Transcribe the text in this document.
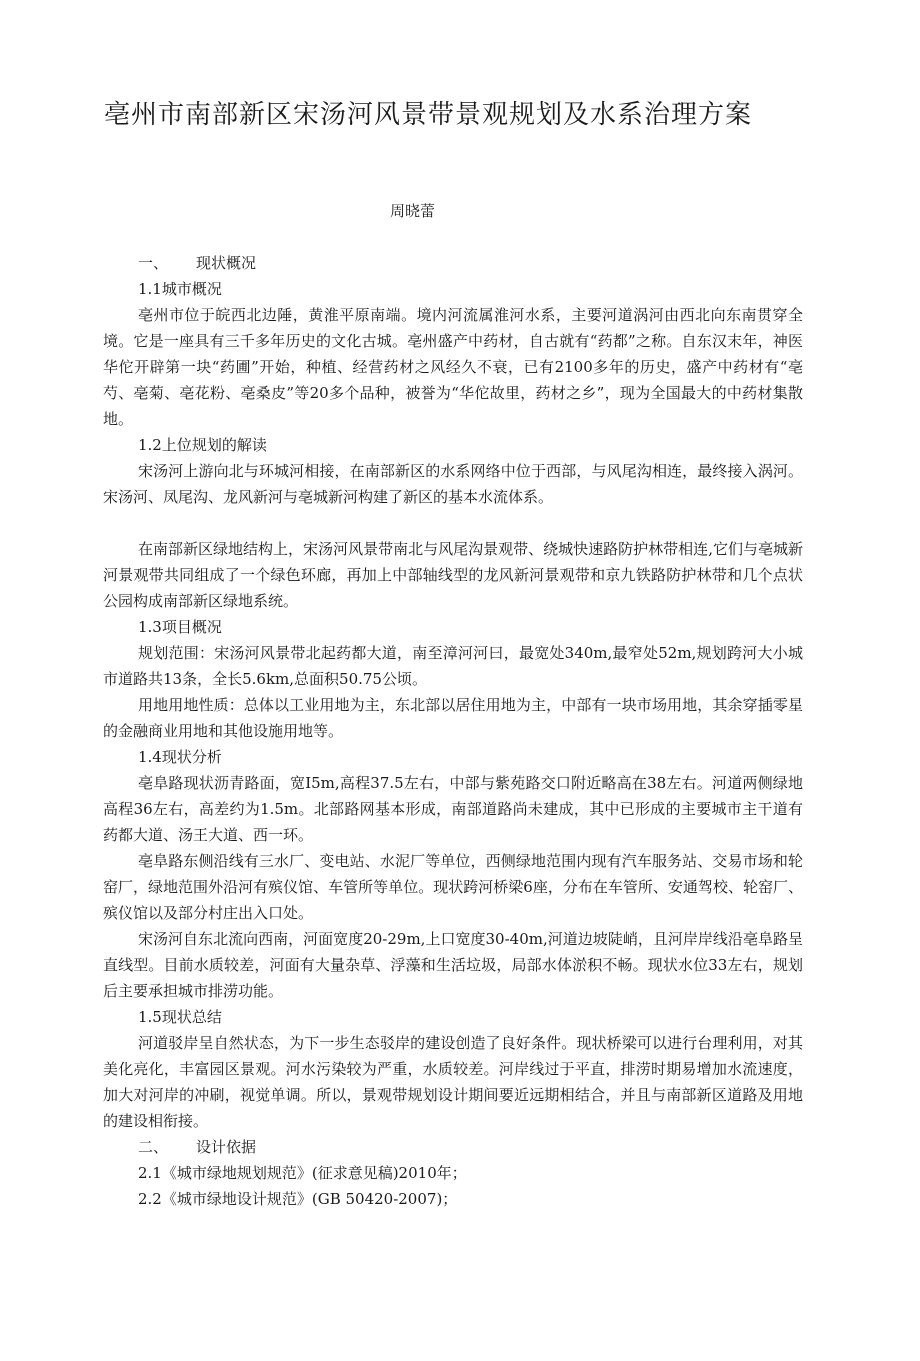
亳州市南部新区宋汤河风景带景观规划及水系治理方案

周晓蕾

一、 现状概况

1.1城市概况

亳州市位于皖西北边陲，黄淮平原南端。境内河流属淮河水系，主要河道涡河由西北向东南贯穿全境。它是一座具有三千多年历史的文化古城。亳州盛产中药材，自古就有“药都”之称。自东汉末年，神医华佗开辟第一块“药圃”开始，种植、经营药材之风经久不衰，已有2100多年的历史，盛产中药材有“亳芍、亳菊、亳花粉、亳桑皮”等20多个品种，被誉为“华佗故里，药材之乡”，现为全国最大的中药材集散地。

1.2上位规划的解读

宋汤河上游向北与环城河相接，在南部新区的水系网络中位于西部，与风尾沟相连，最终接入涡河。宋汤河、凤尾沟、龙风新河与亳城新河构建了新区的基本水流体系。

在南部新区绿地结构上，宋汤河风景带南北与风尾沟景观带、绕城快速路防护林带相连,它们与亳城新河景观带共同组成了一个绿色环廊，再加上中部轴线型的龙风新河景观带和京九铁路防护林带和几个点状公园构成南部新区绿地系统。

1.3项目概况

规划范围：宋汤河风景带北起药都大道，南至漳河河曰，最宽处340m,最窄处52m,规划跨河大小城市道路共13条，全长5.6km,总面积50.75公顷。

用地用地性质：总体以工业用地为主，东北部以居住用地为主，中部有一块市场用地，其余穿插零星的金融商业用地和其他设施用地等。

1.4现状分析

亳阜路现状沥青路面，宽I5m,高程37.5左右，中部与紫苑路交口附近略高在38左右。河道两侧绿地高程36左右，高差约为1.5m。北部路网基本形成，南部道路尚未建成，其中已形成的主要城市主干道有药都大道、汤王大道、西一环。

亳阜路东侧沿线有三水厂、变电站、水泥厂等单位，西侧绿地范围内现有汽车服务站、交易市场和轮窑厂，绿地范围外沿河有殡仪馆、车管所等单位。现状跨河桥梁6座，分布在车管所、安通驾校、轮窑厂、殡仪馆以及部分村庄出入口处。

宋汤河自东北流向西南，河面宽度20-29m,上口宽度30-40m,河道边坡陡峭，且河岸岸线沿亳阜路呈直线型。目前水质较差，河面有大量杂草、浮藻和生活垃圾，局部水体淤积不畅。现状水位33左右，规划后主要承担城市排涝功能。

1.5现状总结

河道驳岸呈自然状态，为下一步生态驳岸的建设创造了良好条件。现状桥梁可以进行台理利用，对其美化亮化，丰富园区景观。河水污染较为严重，水质较差。河岸线过于平直，排涝时期易增加水流速度，加大对河岸的冲刷，视觉单调。所以，景观带规划设计期间要近远期相结合，并且与南部新区道路及用地的建设相衔接。

二、 设计依据

2.1《城市绿地规划规范》(征求意见稿)2010年；

2.2《城市绿地设计规范》(GB 50420-2007)；
